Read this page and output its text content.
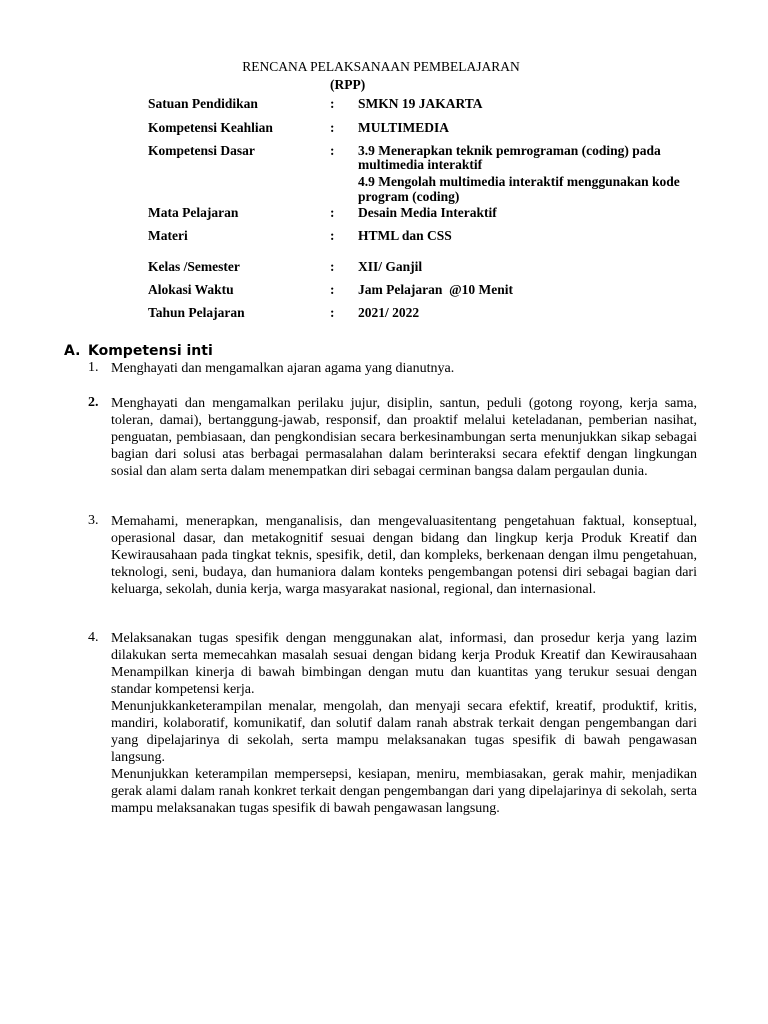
RENCANA PELAKSANAAN PEMBELAJARAN
(RPP)
Satuan Pendidikan	: SMKN 19 JAKARTA
Kompetensi Keahlian	: MULTIMEDIA
Kompetensi Dasar	: 3.9 Menerapkan teknik pemrograman (coding) pada
multimedia interaktif
4.9 Mengolah multimedia interaktif menggunakan kode
program (coding)
Mata Pelajaran	: Desain Media Interaktif
Materi	: HTML dan CSS
Kelas /Semester	: XII/ Ganjil
Alokasi Waktu	: Jam Pelajaran  @10 Menit
Tahun Pelajaran	: 2021/ 2022
A. Kompetensi inti
1. Menghayati dan mengamalkan ajaran agama yang dianutnya.
2. Menghayati dan mengamalkan perilaku jujur, disiplin, santun, peduli (gotong royong, kerja sama, toleran, damai), bertanggung-jawab, responsif, dan proaktif melalui keteladanan, pemberian nasihat, penguatan, pembiasaan, dan pengkondisian secara berkesinambungan serta menunjukkan sikap sebagai bagian dari solusi atas berbagai permasalahan dalam berinteraksi secara efektif dengan lingkungan sosial dan alam serta dalam menempatkan diri sebagai cerminan bangsa dalam pergaulan dunia.
3. Memahami, menerapkan, menganalisis, dan mengevaluasitentang pengetahuan faktual, konseptual, operasional dasar, dan metakognitif sesuai dengan bidang dan lingkup kerja Produk Kreatif dan Kewirausahaan pada tingkat teknis, spesifik, detil, dan kompleks, berkenaan dengan ilmu pengetahuan, teknologi, seni, budaya, dan humaniora dalam konteks pengembangan potensi diri sebagai bagian dari keluarga, sekolah, dunia kerja, warga masyarakat nasional, regional, dan internasional.
4. Melaksanakan tugas spesifik dengan menggunakan alat, informasi, dan prosedur kerja yang lazim dilakukan serta memecahkan masalah sesuai dengan bidang kerja Produk Kreatif dan Kewirausahaan Menampilkan kinerja di bawah bimbingan dengan mutu dan kuantitas yang terukur sesuai dengan standar kompetensi kerja.
Menunjukkanketerampilan menalar, mengolah, dan menyaji secara efektif, kreatif, produktif, kritis, mandiri, kolaboratif, komunikatif, dan solutif dalam ranah abstrak terkait dengan pengembangan dari yang dipelajarinya di sekolah, serta mampu melaksanakan tugas spesifik di bawah pengawasan langsung.
Menunjukkan keterampilan mempersepsi, kesiapan, meniru, membiasakan, gerak mahir, menjadikan gerak alami dalam ranah konkret terkait dengan pengembangan dari yang dipelajarinya di sekolah, serta mampu melaksanakan tugas spesifik di bawah pengawasan langsung.
